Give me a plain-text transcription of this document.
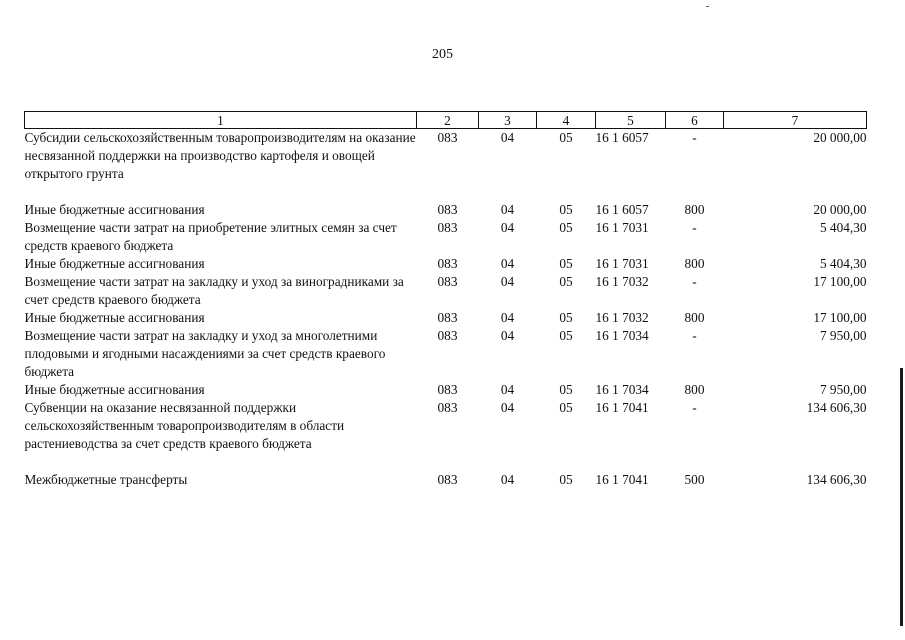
205
1	2	3	4	5	6	7
Субсидии сельскохозяйственным товаропроизводителям на оказание несвязанной поддержки на производство картофеля и овощей открытого грунта	083	04	05	16 1 6057	-	20 000,00

Иные бюджетные ассигнования	083	04	05	16 1 6057	800	20 000,00
Возмещение части затрат на приобретение элитных семян за счет средств краевого бюджета	083	04	05	16 1 7031	-	5 404,30
Иные бюджетные ассигнования	083	04	05	16 1 7031	800	5 404,30
Возмещение части затрат на закладку и уход за виноградниками за счет средств краевого бюджета	083	04	05	16 1 7032	-	17 100,00
Иные бюджетные ассигнования	083	04	05	16 1 7032	800	17 100,00
Возмещение части затрат на закладку и уход за многолетними плодовыми и ягодными насаждениями за счет средств краевого бюджета	083	04	05	16 1 7034	-	7 950,00
Иные бюджетные ассигнования	083	04	05	16 1 7034	800	7 950,00
Субвенции на оказание несвязанной поддержки сельскохозяйственным товаропроизводителям в области растениеводства за счет средств краевого бюджета	083	04	05	16 1 7041	-	134 606,30

Межбюджетные трансферты	083	04	05	16 1 7041	500	134 606,30
